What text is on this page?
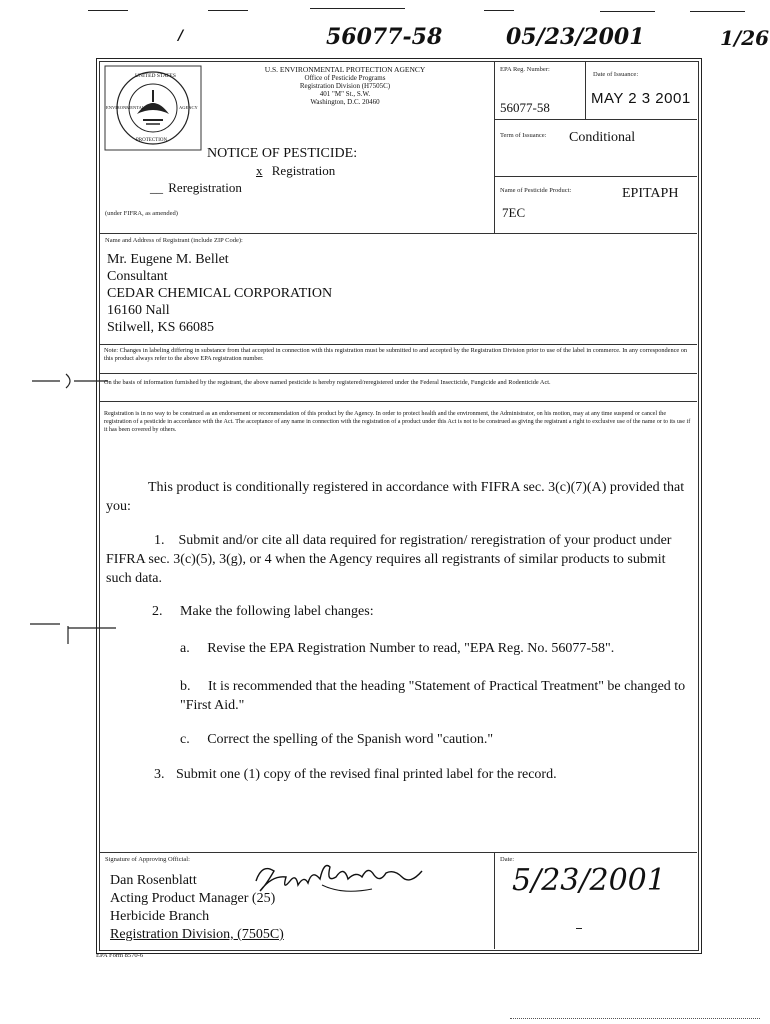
/	56077-58	05/23/2001	1/26
UNITED STATES
ENVIRONMENTAL
PROTECTION
AGENCY
U.S. ENVIRONMENTAL PROTECTION AGENCY
Office of Pesticide Programs
Registration Division (H7505C)
401 "M" St., S.W.
Washington, D.C. 20460
NOTICE OF PESTICIDE:
x Registration
__ Reregistration
(under FIFRA, as amended)
EPA Reg. Number:
56077-58
Date of Issuance:
MAY 2 3 2001
Term of Issuance: Conditional
Name of Pesticide Product:	EPITAPH
7EC
Name and Address of Registrant (include ZIP Code):
Mr. Eugene M. Bellet
Consultant
CEDAR CHEMICAL CORPORATION
16160 Nall
Stilwell, KS 66085
Note: Changes in labeling differing in substance from that accepted in connection with this registration must be submitted to and accepted by the Registration Division prior to use of the label in commerce. In any correspondence on this product always refer to the above EPA registration number.
On the basis of information furnished by the registrant, the above named pesticide is hereby registered/reregistered under the Federal Insecticide, Fungicide and Rodenticide Act.
Registration is in no way to be construed as an endorsement or recommendation of this product by the Agency. In order to protect health and the environment, the Administrator, on his motion, may at any time suspend or cancel the registration of a pesticide in accordance with the Act. The acceptance of any name in connection with the registration of a product under this Act is not to be construed as giving the registrant a right to exclusive use of the name or to its use if it has been covered by others.
This product is conditionally registered in accordance with FIFRA sec. 3(c)(7)(A) provided that you:
1. Submit and/or cite all data required for registration/ reregistration of your product under FIFRA sec. 3(c)(5), 3(g), or 4 when the Agency requires all registrants of similar products to submit such data.
2. Make the following label changes:
a. Revise the EPA Registration Number to read, "EPA Reg. No. 56077-58".
b. It is recommended that the heading "Statement of Practical Treatment" be changed to "First Aid."
c. Correct the spelling of the Spanish word "caution."
3. Submit one (1) copy of the revised final printed label for the record.
Signature of Approving Official:
Dan Rosenblatt
Acting Product Manager (25)
Herbicide Branch
Registration Division, (7505C)
Date:
5/23/2001
EPA Form 8570-6
